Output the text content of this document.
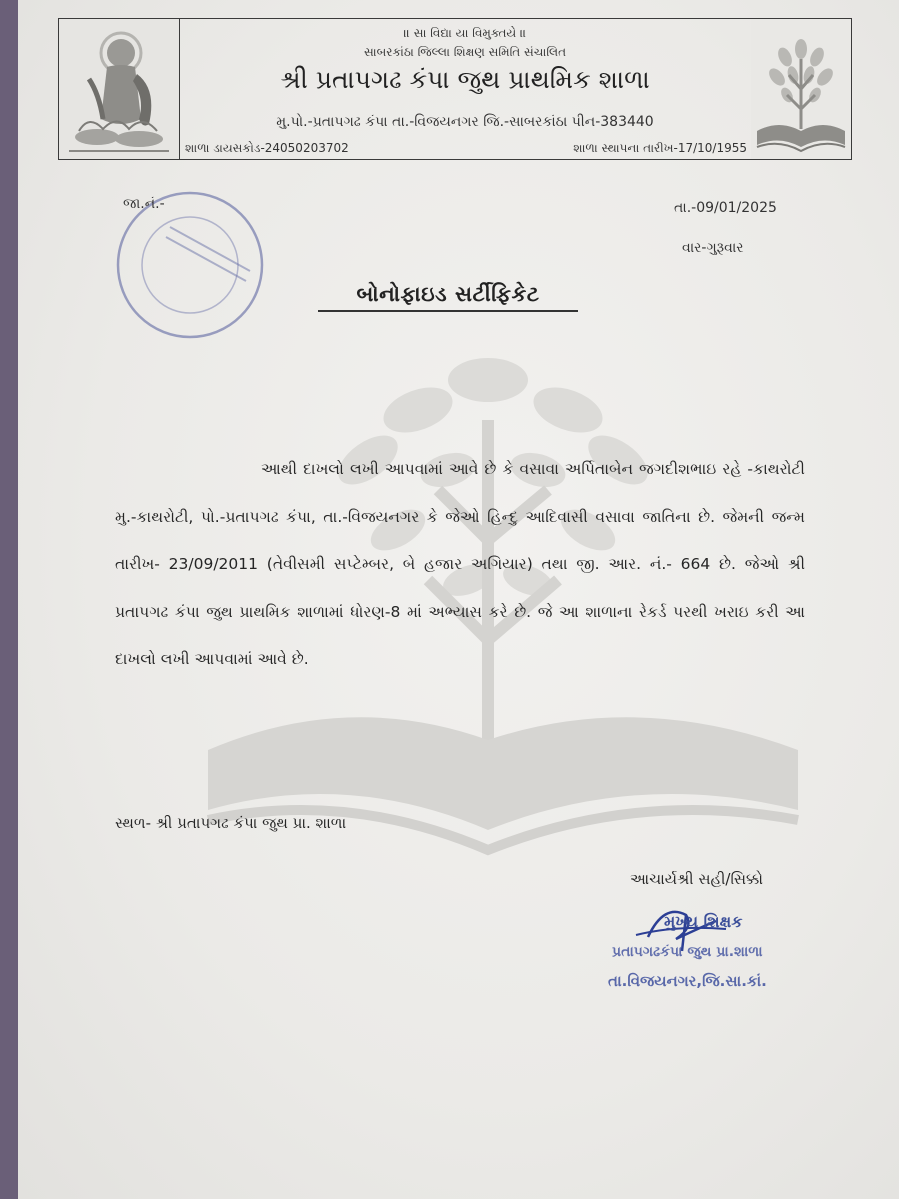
॥ સા વિદ્યા યા વિમુક્તયે ॥
સાબરકાંઠા જિલ્લા શિક્ષણ સમિતિ સંચાલિત
શ્રી પ્રતાપગઢ કંપા જુથ પ્રાથમિક શાળા
મુ.પો.-પ્રતાપગઢ કંપા તા.-વિજયનગર જિ.-સાબરકાંઠા પીન-383440
શાળા ડાયસકોડ-24050203702	શાળા સ્થાપના તારીખ-17/10/1955
જા.નં.-	તા.-09/01/2025
વાર-ગુરૂવાર
બોનોફાઇડ સર્ટીફિકેટ
આથી દાખલો લખી આપવામાં આવે છે કે વસાવા અર્પિતાબેન જગદીશભાઇ રહે -કાથરોટી મુ.-કાથરોટી, પો.-પ્રતાપગઢ કંપા, તા.-વિજયનગર કે જેઓ હિન્દુ આદિવાસી વસાવા જાતિના છે. જેમની જન્મ તારીખ- 23/09/2011 (તેવીસમી સપ્ટેમ્બર, બે હજાર અગિયાર) તથા જી. આર. નં.- 664 છે. જેઓ શ્રી પ્રતાપગઢ કંપા જુથ પ્રાથમિક શાળામાં ધોરણ-8 માં અભ્યાસ કરે છે. જે આ શાળાના રેકર્ડ પરથી ખરાઇ કરી આ દાખલો લખી આપવામાં આવે છે.
સ્થળ- શ્રી પ્રતાપગઢ કંપા જુથ પ્રા. શાળા
આચાર્યશ્રી સહી/સિક્કો
મુખ્ય શિક્ષક
પ્રતાપગઢકંપા જુથ પ્રા.શાળા
તા.વિજયનગર,જિ.સા.કાં.
